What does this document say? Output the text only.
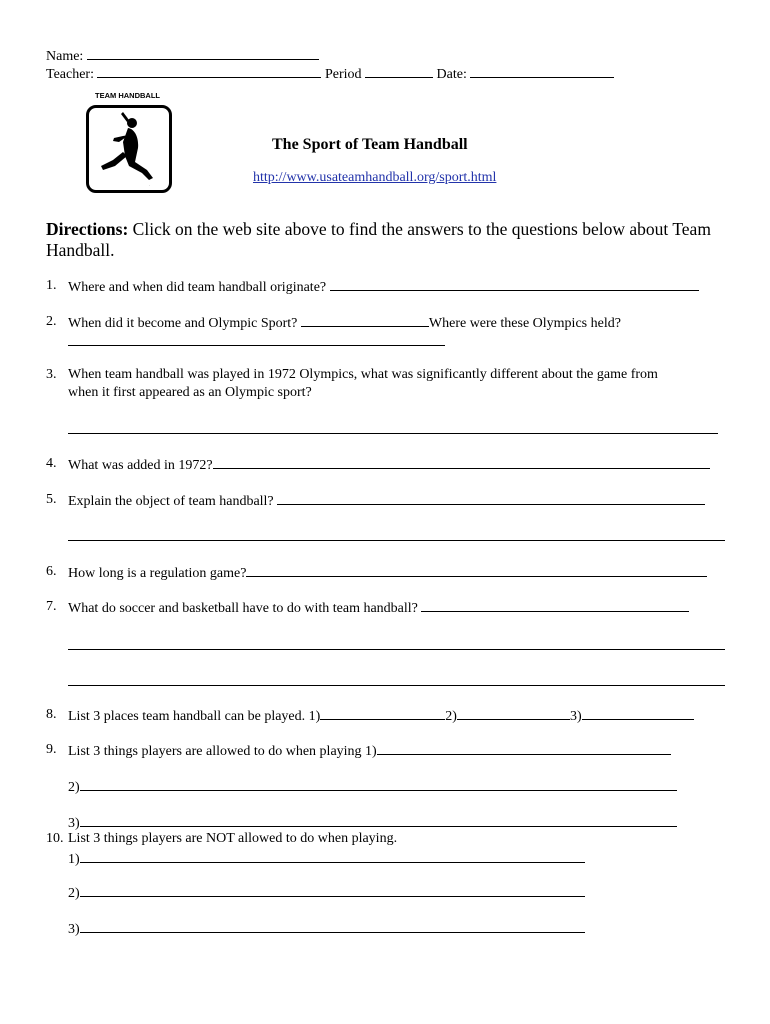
Name:
Teacher:	Period	Date:
TEAM HANDBALL
.
The Sport of Team Handball
http://www.usateamhandball.org/sport.html
Directions: Click on the web site above to find the answers to the questions below about Team Handball.
1. Where and when did team handball originate?
2. When did it become and Olympic Sport?	Where were these Olympics held?
3. When team handball was played in 1972 Olympics, what was significantly different about the game from
when it first appeared as an Olympic sport?
4. What was added in 1972?
5. Explain the object of team handball?
6. How long is a regulation game?
7. What do soccer and basketball have to do with team handball?
8. List 3 places team handball can be played. 1)	2)	3)
9. List 3 things players are allowed to do when playing 1)
2)
3)
10. List 3 things players are NOT allowed to do when playing.
1)
2)
3)
